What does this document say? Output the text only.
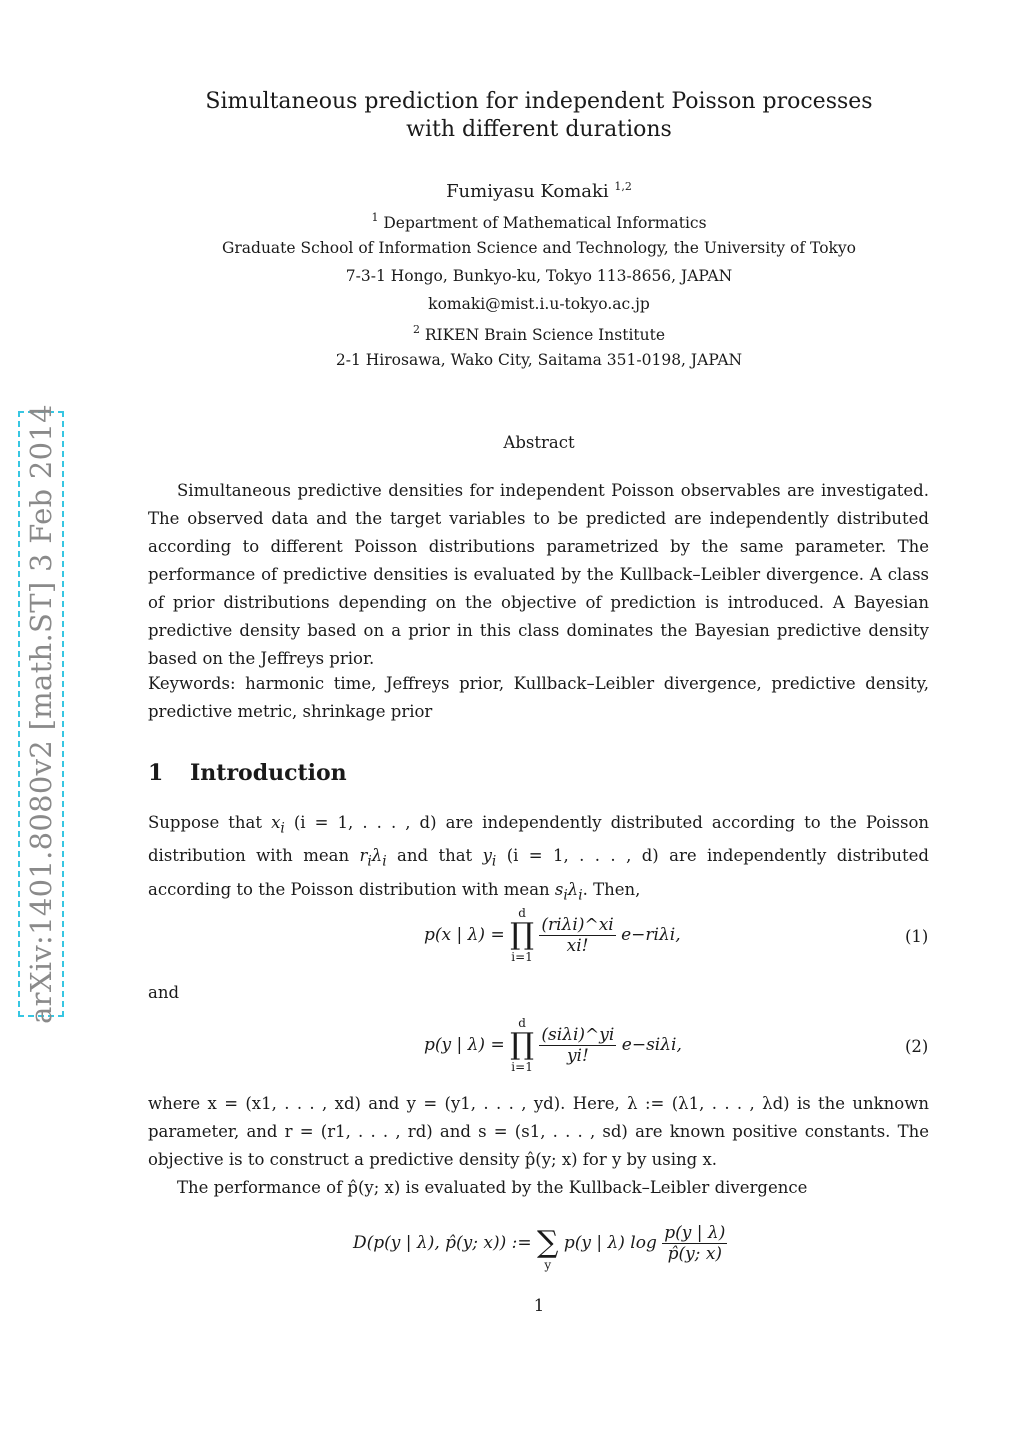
arXiv:1401.8080v2 [math.ST] 3 Feb 2014
Simultaneous prediction for independent Poisson processes
with different durations
Fumiyasu Komaki $^{1,2}$
$^1$ Department of Mathematical Informatics
Graduate School of Information Science and Technology, the University of Tokyo
7-3-1 Hongo, Bunkyo-ku, Tokyo 113-8656, JAPAN
komaki@mist.i.u-tokyo.ac.jp
$^2$ RIKEN Brain Science Institute
2-1 Hirosawa, Wako City, Saitama 351-0198, JAPAN
Abstract
Simultaneous predictive densities for independent Poisson observables are investigated. The observed data and the target variables to be predicted are independently distributed according to different Poisson distributions parametrized by the same parameter. The performance of predictive densities is evaluated by the Kullback–Leibler divergence. A class of prior distributions depending on the objective of prediction is introduced. A Bayesian predictive density based on a prior in this class dominates the Bayesian predictive density based on the Jeffreys prior.
Keywords: harmonic time, Jeffreys prior, Kullback–Leibler divergence, predictive density, predictive metric, shrinkage prior
1 Introduction
Suppose that $x_i$ (i = 1, . . . , d) are independently distributed according to the Poisson distribution with mean $r_i\lambda_i$ and that $y_i$ (i = 1, . . . , d) are independently distributed according to the Poisson distribution with mean $s_i\lambda_i$. Then,
p(x | λ) =
d
∏
i=1

$\frac{\text{(riλi)\textasciicircum{}xi}}{xi!} e-ri\lambda i$,	(1)
and
p(y | λ) =
d
∏
i=1

$\frac{\text{(siλi)\textasciicircum{}yi}}{yi!} e-si\lambda i$,	(2)
where x = (x1, . . . , xd) and y = (y1, . . . , yd). Here, λ := (λ1, . . . , λd) is the unknown parameter, and r = (r1, . . . , rd) and s = (s1, . . . , sd) are known positive constants. The objective is to construct a predictive density p̂(y; x) for y by using x.
The performance of p̂(y; x) is evaluated by the Kullback–Leibler divergence
D(p(y | λ), p̂(y; x)) :=
∑
y
p(y | λ) $\log \frac{p(y | \lambda)}{p̂(y; x)}$
1
